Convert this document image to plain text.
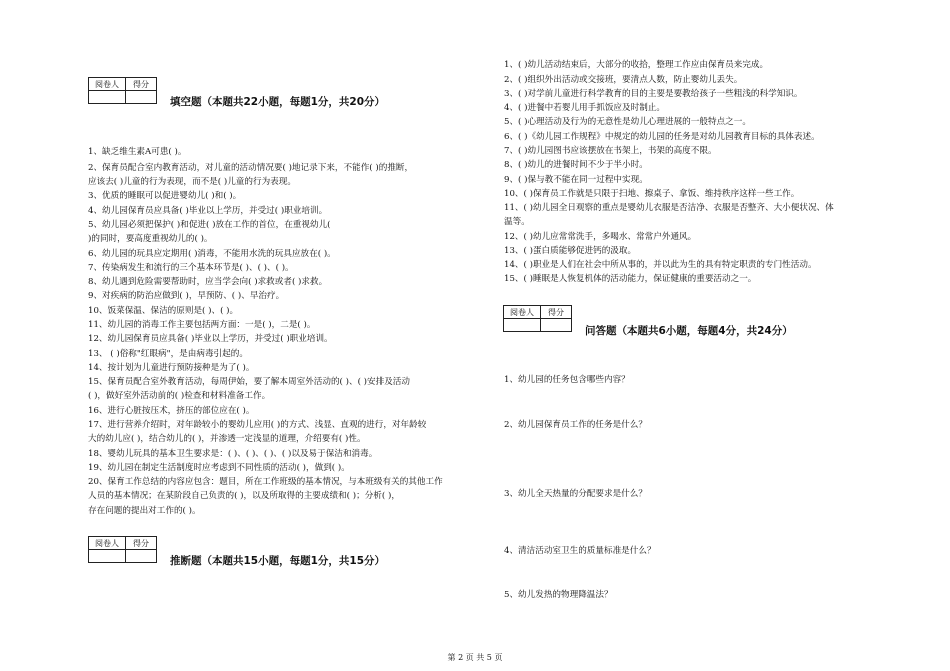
阅卷人	得分

填空题（本题共22小题，每题1分，共20分）
1、缺乏维生素A可患( )。
2、保育员配合室内教育活动，对儿童的活动情况要( )地记录下来，不能作( )的推断，
应该去( )儿童的行为表现，而不是( )儿童的行为表现。
3、优质的睡眠可以促进婴幼儿( )和( )。
4、幼儿园保育员应具备( )毕业以上学历，并受过( )职业培训。
5、幼儿园必须把保护( )和促进( )放在工作的首位，在重视幼儿(
)的同时，要高度重视幼儿的( )。
6、幼儿园的玩具应定期用( )消毒，不能用水洗的玩具应放在( )。
7、传染病发生和流行的三个基本环节是( )、( )、( )。
8、幼儿遇到危险需要帮助时，应当学会向( )求救或者( )求救。
9、对疾病的防治应做到( )，早预防、( )、早治疗。
10、饭菜保温、保洁的原则是( )、( )。
11、幼儿园的消毒工作主要包括两方面：一是( )，二是( )。
12、幼儿园保育员应具备( )毕业以上学历，并受过( )职业培训。
13、 ( )俗称"红眼病"，是由病毒引起的。
14、按计划为儿童进行预防接种是为了( )。
15、保育员配合室外教育活动，每周伊始，要了解本周室外活动的( )、( )安排及活动
( )，做好室外活动前的( )检查和材料准备工作。
16、进行心脏按压术，挤压的部位应在( )。
17、进行营养介绍时，对年龄较小的婴幼儿应用( )的方式、浅显、直观的进行，对年龄较
大的幼儿应( )，结合幼儿的( )，并渗透一定浅显的道理，介绍要有( )性。
18、婴幼儿玩具的基本卫生要求是：( )、( )、( )、( )以及易于保洁和消毒。
19、幼儿园在制定生活制度时应考虑到不同性质的活动( )，做到( )。
20、保育工作总结的内容应包含：题目，所在工作班级的基本情况，与本班级有关的其他工作
人员的基本情况；在某阶段自己负责的( )，以及所取得的主要成绩和( )；分析( )，
存在问题的提出对工作的( )。
阅卷人	得分

推断题（本题共15小题，每题1分，共15分）
1、( )幼儿活动结束后，大部分的收拾，整理工作应由保育员来完成。
2、( )组织外出活动或交接班，要清点人数，防止婴幼儿丢失。
3、( )对学前儿童进行科学教育的目的主要是要教给孩子一些粗浅的科学知识。
4、( )进餐中若婴儿用手抓饭应及时制止。
5、( )心理活动及行为的无意性是幼儿心理进展的一般特点之一。
6、( )《幼儿园工作规程》中规定的幼儿园的任务是对幼儿园教育目标的具体表述。
7、( )幼儿园图书应该摆放在书架上，书架的高度不限。
8、( )幼儿的进餐时间不少于半小时。
9、( )保与教不能在同一过程中实现。
10、( )保育员工作就是只限于扫地、擦桌子、拿饭、维持秩序这样一些工作。
11、( )幼儿园全日观察的重点是婴幼儿衣服是否洁净、衣服是否整齐、大小便状况、体
温等。
12、( )幼儿应常常洗手，多喝水、常常户外通风。
13、( )蛋白质能够促进钙的汲取。
14、( )职业是人们在社会中所从事的，并以此为生的具有特定职责的专门性活动。
15、( )睡眠是人恢复机体的活动能力，保证健康的重要活动之一。
阅卷人	得分

问答题（本题共6小题，每题4分，共24分）
1、幼儿园的任务包含哪些内容？
2、幼儿园保育员工作的任务是什么？
3、幼儿全天热量的分配要求是什么？
4、清洁活动室卫生的质量标准是什么？
5、幼儿发热的物理降温法？
第 2 页 共 5 页
